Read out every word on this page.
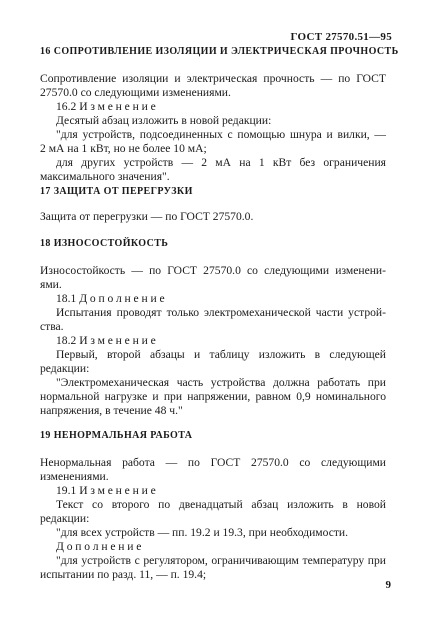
ГОСТ 27570.51—95
16 СОПРОТИВЛЕНИЕ ИЗОЛЯЦИИ И ЭЛЕКТРИЧЕСКАЯ ПРОЧНОСТЬ
Сопротивление изоляции и электрическая прочность — по ГОСТ
27570.0 со следующими изменениями.
16.2 Изменение
Десятый абзац изложить в новой редакции:
"для устройств, подсоединенных с помощью шнура и вилки, —
2 мА на 1 кВт, но не более 10 мА;
для других устройств — 2 мА на 1 кВт без ограничения
максимального значения".
17 ЗАЩИТА ОТ ПЕРЕГРУЗКИ
Защита от перегрузки — по ГОСТ 27570.0.
18 ИЗНОСОСТОЙКОСТЬ
Износостойкость — по ГОСТ 27570.0 со следующими изменени-
ями.
18.1 Дополнение
Испытания проводят только электромеханической части устрой-
ства.
18.2 Изменение
Первый, второй абзацы и таблицу изложить в следующей
редакции:
"Электромеханическая часть устройства должна работать при
нормальной нагрузке и при напряжении, равном 0,9 номинального
напряжения, в течение 48 ч."
19 НЕНОРМАЛЬНАЯ РАБОТА
Ненормальная работа — по ГОСТ 27570.0 со следующими
изменениями.
19.1 Изменение
Текст со второго по двенадцатый абзац изложить в новой
редакции:
"для всех устройств — пп. 19.2 и 19.3, при необходимости.
Дополнение
"для устройств с регулятором, ограничивающим температуру при
испытании по разд. 11, — п. 19.4;
9
